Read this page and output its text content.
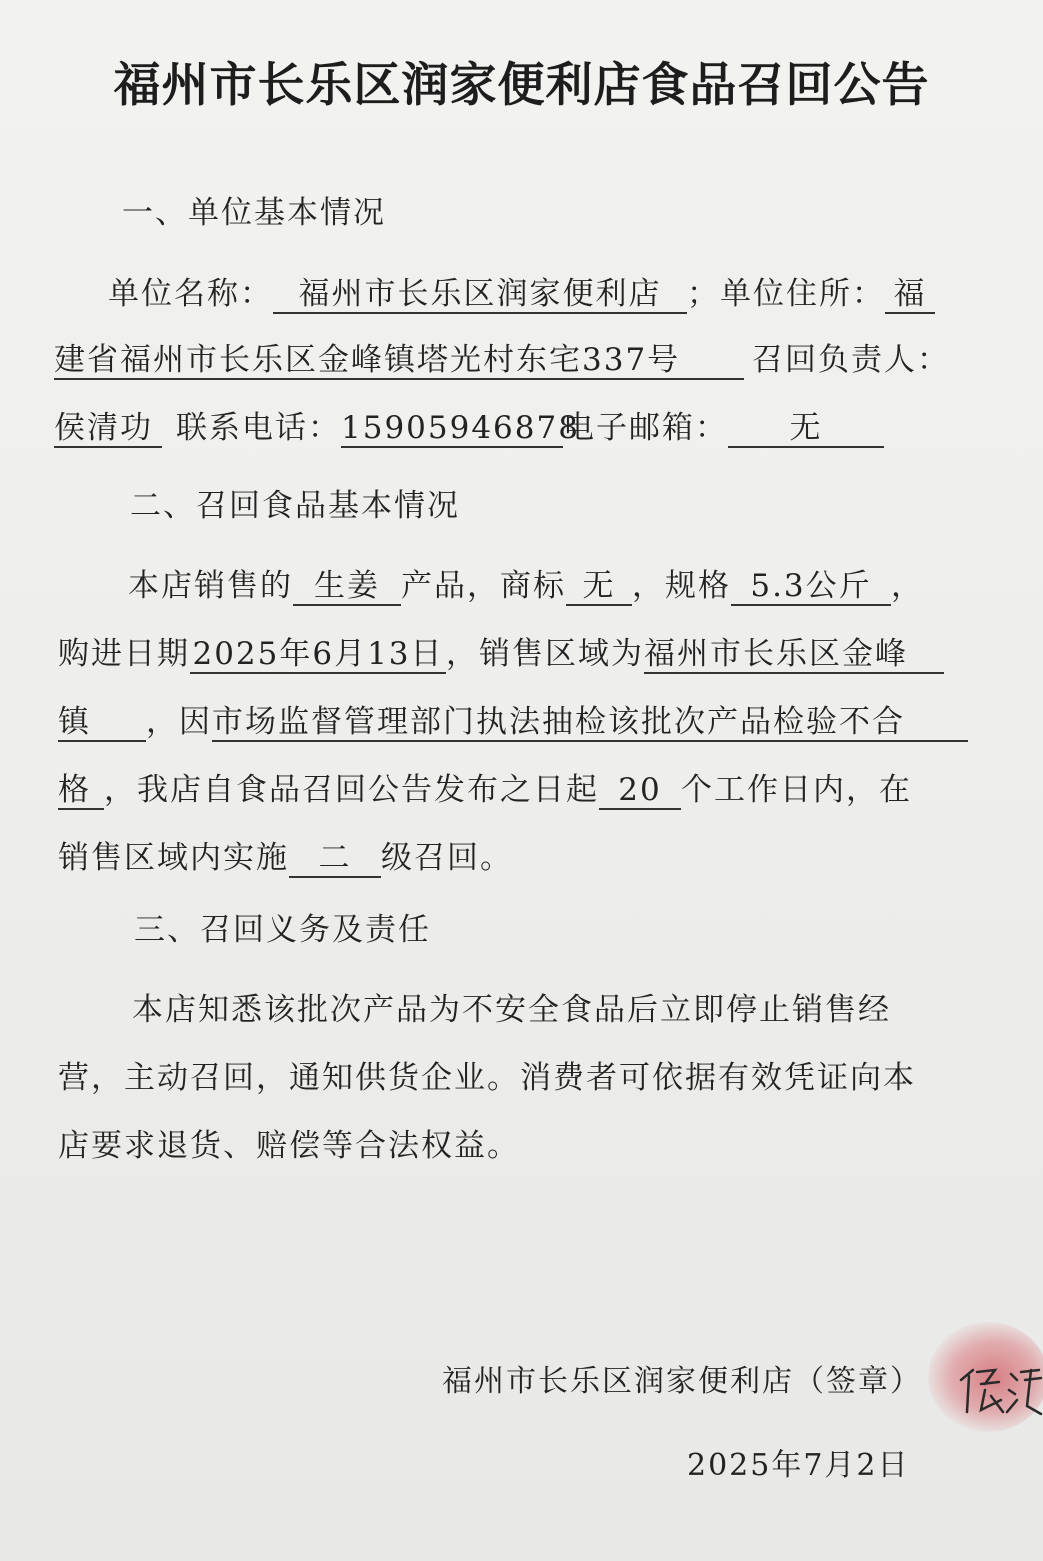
福州市长乐区润家便利店食品召回公告
一、单位基本情况
单位名称： 福州市长乐区润家便利店 ；单位住所： 福
建省福州市长乐区金峰镇塔光村东宅337号 召回负责人：
侯清功 联系电话：15905946878电子邮箱： 无
二、召回食品基本情况
本店销售的 生姜 产品，商标 无 ，规格 5.3公斤 ，
购进日期2025年6月13日，销售区域为福州市长乐区金峰
镇 ，因市场监督管理部门执法抽检该批次产品检验不合
格 ，我店自食品召回公告发布之日起 20 个工作日内，在
销售区域内实施 二 级召回。
三、召回义务及责任
本店知悉该批次产品为不安全食品后立即停止销售经
营，主动召回，通知供货企业。消费者可依据有效凭证向本
店要求退货、赔偿等合法权益。
福州市长乐区润家便利店（签章）
2025年7月2日
